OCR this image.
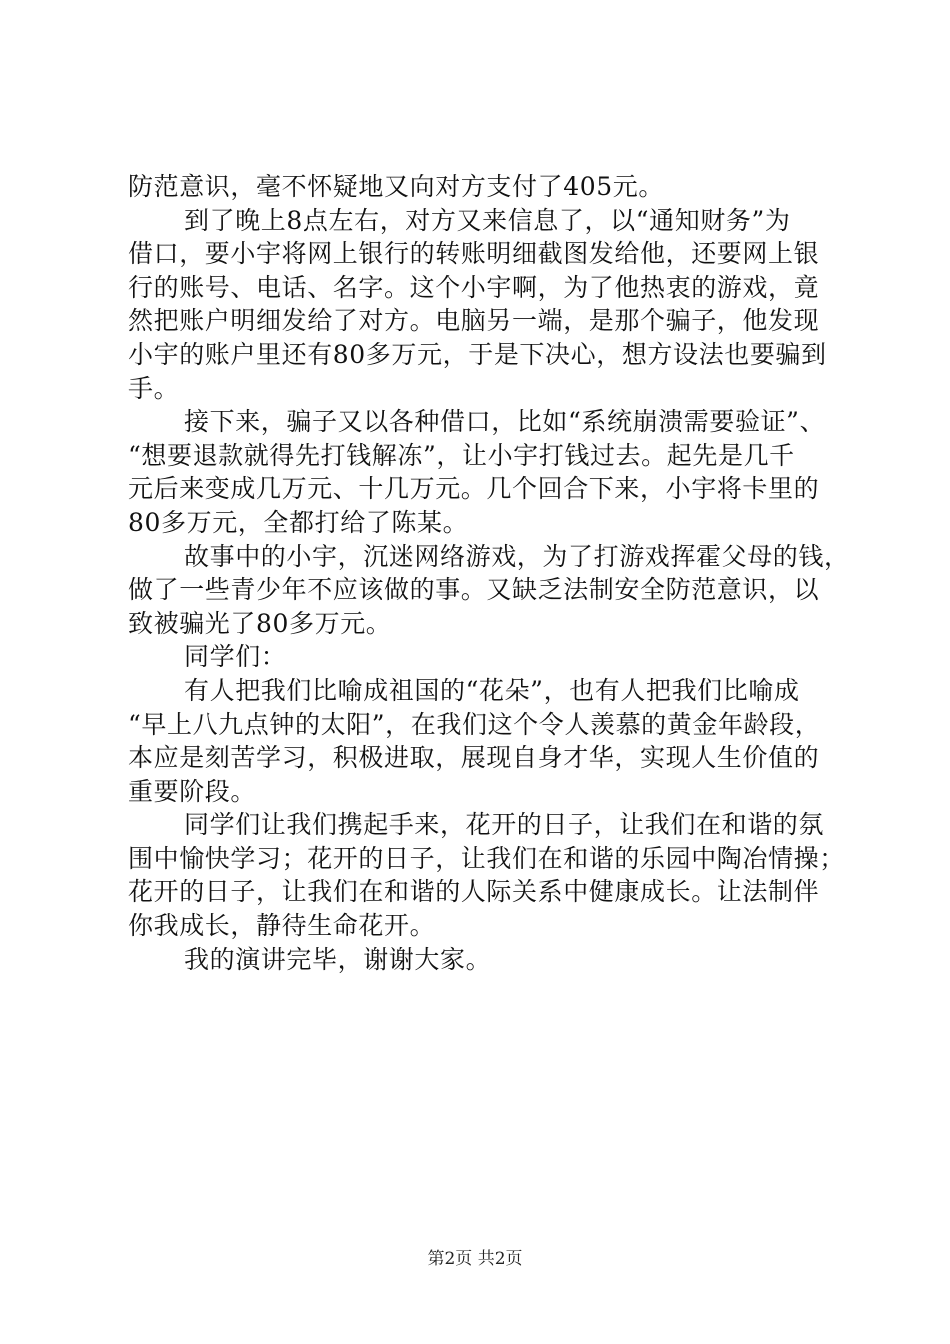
防范意识，毫不怀疑地又向对方支付了405元。
到了晚上8点左右，对方又来信息了，以“通知财务”为
借口，要小宇将网上银行的转账明细截图发给他，还要网上银
行的账号、电话、名字。这个小宇啊，为了他热衷的游戏，竟
然把账户明细发给了对方。电脑另一端，是那个骗子，他发现
小宇的账户里还有80多万元，于是下决心，想方设法也要骗到
手。
接下来，骗子又以各种借口，比如“系统崩溃需要验证”、
“想要退款就得先打钱解冻”，让小宇打钱过去。起先是几千
元后来变成几万元、十几万元。几个回合下来，小宇将卡里的
80多万元，全都打给了陈某。
故事中的小宇，沉迷网络游戏，为了打游戏挥霍父母的钱，
做了一些青少年不应该做的事。又缺乏法制安全防范意识，以
致被骗光了80多万元。
同学们：
有人把我们比喻成祖国的“花朵”，也有人把我们比喻成
“早上八九点钟的太阳”，在我们这个令人羡慕的黄金年龄段，
本应是刻苦学习，积极进取，展现自身才华，实现人生价值的
重要阶段。
同学们让我们携起手来，花开的日子，让我们在和谐的氛
围中愉快学习；花开的日子，让我们在和谐的乐园中陶冶情操；
花开的日子，让我们在和谐的人际关系中健康成长。让法制伴
你我成长，静待生命花开。
我的演讲完毕，谢谢大家。
第2页 共2页
